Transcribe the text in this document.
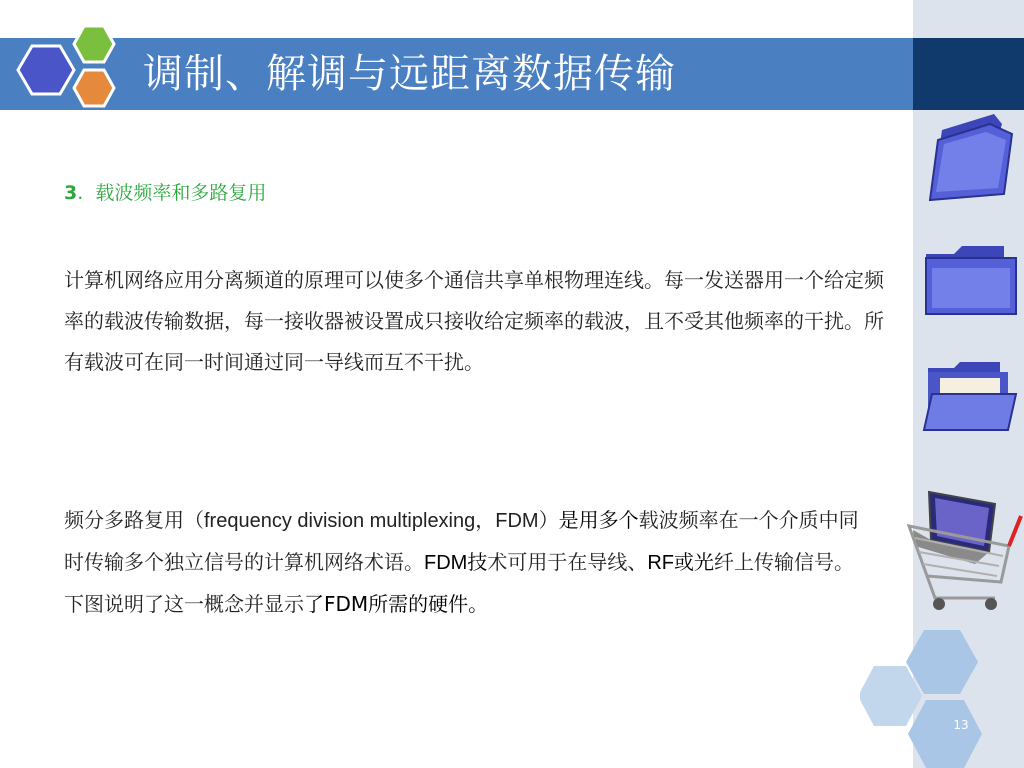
调制、解调与远距离数据传输
3. 载波频率和多路复用
计算机网络应用分离频道的原理可以使多个通信共享单根物理连线。每一发送器用一个给定频率的载波传输数据，每一接收器被设置成只接收给定频率的载波，且不受其他频率的干扰。所有载波可在同一时间通过同一导线而互不干扰。
频分多路复用（frequency division multiplexing，FDM）是用多个载波频率在一个介质中同时传输多个独立信号的计算机网络术语。FDM技术可用于在导线、RF或光纤上传输信号。下图说明了这一概念并显示了FDM所需的硬件。
13
